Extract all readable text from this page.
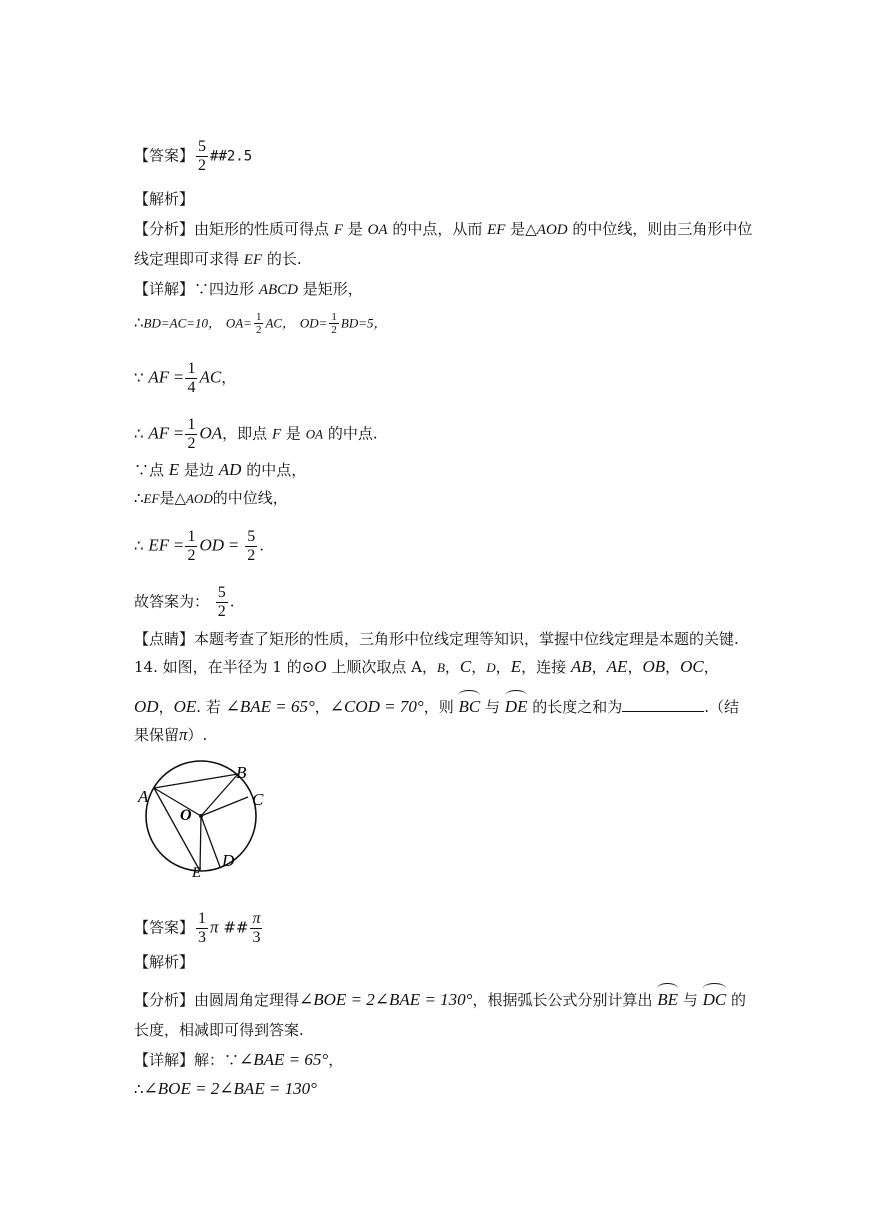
【答案】 $\frac{5}{2}$ ##2.5
【解析】
【分析】由矩形的性质可得点 F 是 OA 的中点，从而 EF 是△AOD 的中位线，则由三角形中位
线定理即可求得 EF 的长.
【详解】∵四边形 ABCD 是矩形，
∴BD=AC=10， $OA= \frac{1}{2}$ AC， $OD= \frac{1}{2} BD=5$，
∵ AF = $\frac{1}{4}$ AC，
∴ AF = $\frac{1}{2}$ OA，即点 F 是 OA 的中点.
∵点 E 是边 AD 的中点，
∴EF是△AOD的中位线，
∴ EF = $\frac{1}{2}$ OD = $\frac{5}{2}$ .
故答案为： $\frac{5}{2}$ .
【点睛】本题考查了矩形的性质，三角形中位线定理等知识，掌握中位线定理是本题的关键.
14. 如图，在半径为 1 的⊙O 上顺次取点 A，B，C，D，E，连接 AB，AE，OB，OC，
OD，OE. 若 ∠BAE = 65°，∠COD = 70°，则 BC 与 DE 的长度之和为	.（结
果保留π）.
A
O
B
C
D
E
【答案】 $\frac{1}{3}$ π ## $\frac{\pi}{3}$
【解析】
【分析】由圆周角定理得∠BOE = 2∠BAE = 130°，根据弧长公式分别计算出 BE 与 DC 的
长度，相减即可得到答案.
【详解】解：∵∠BAE = 65°，
∴∠BOE = 2∠BAE = 130°
